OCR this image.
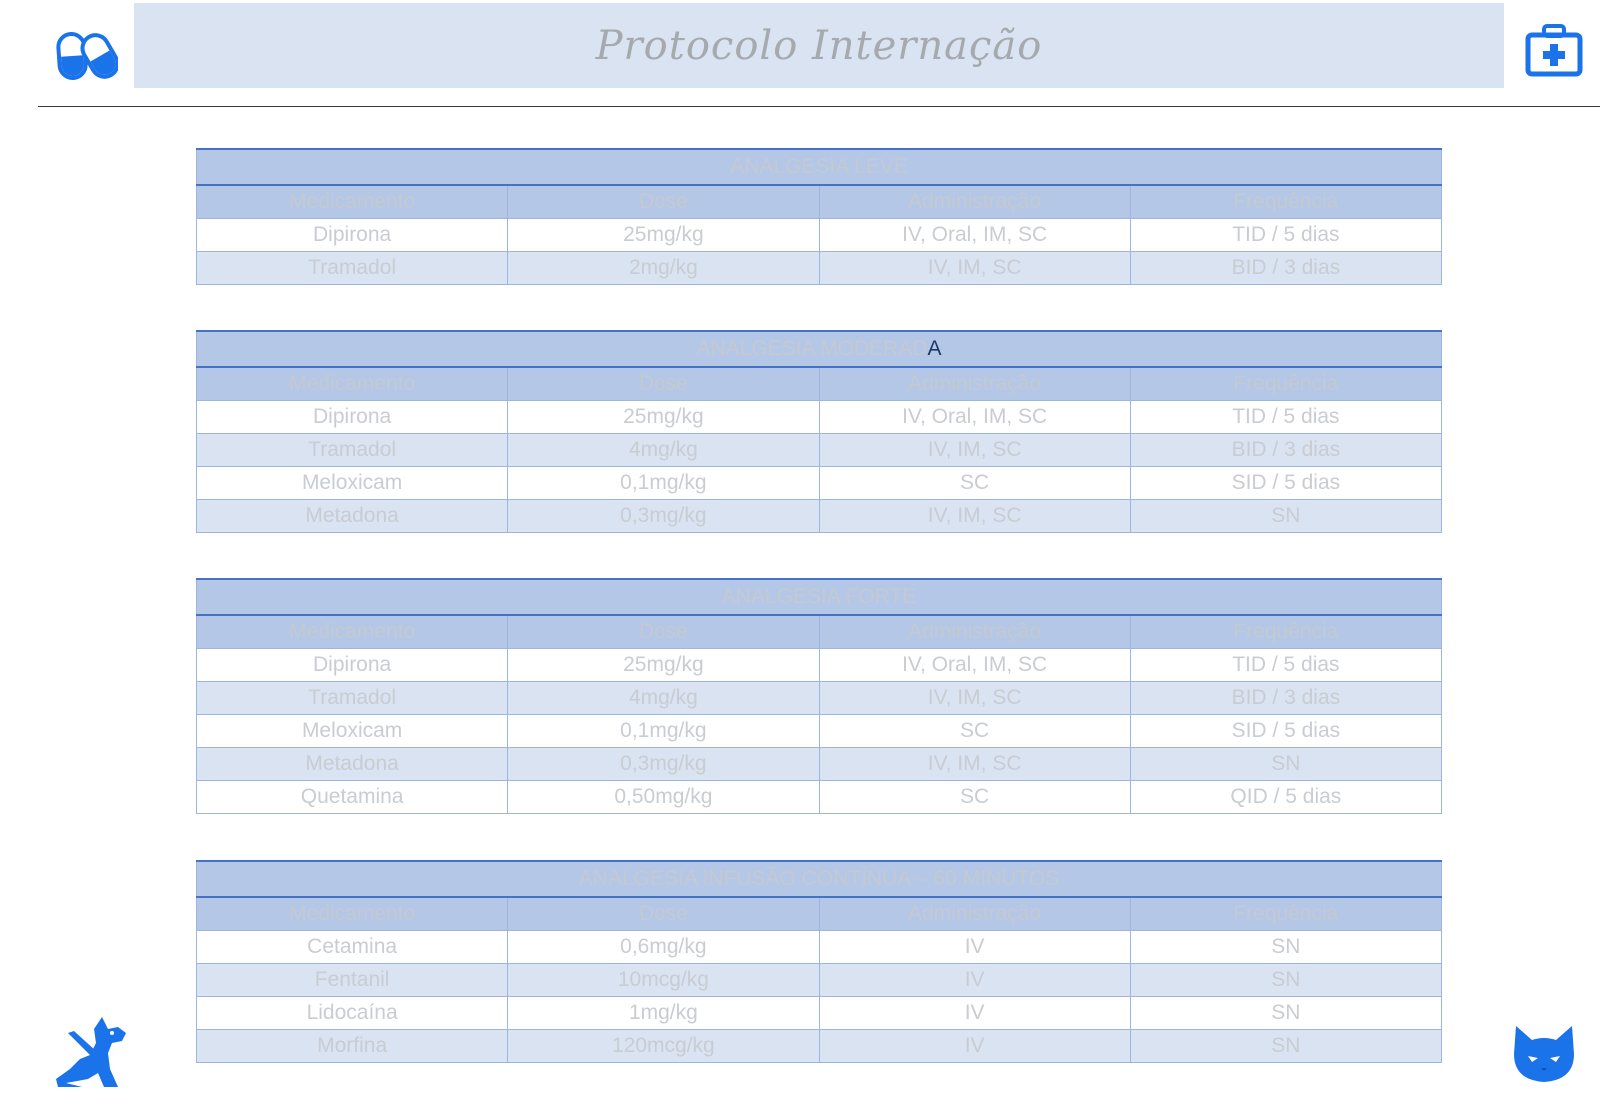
Protocolo Internação
ANALGESIA LEVE			
Medicamento	Dose	Administração	Frequência
Dipirona	25mg/kg	IV, Oral, IM, SC	TID / 5 dias
Tramadol	2mg/kg	IV, IM, SC	BID / 3 dias
ANALGESIA MODERADA			
Medicamento	Dose	Administração	Frequência
Dipirona	25mg/kg	IV, Oral, IM, SC	TID / 5 dias
Tramadol	4mg/kg	IV, IM, SC	BID / 3 dias
Meloxicam	0,1mg/kg	SC	SID / 5 dias
Metadona	0,3mg/kg	IV, IM, SC	SN
ANALGESIA FORTE			
Medicamento	Dose	Administração	Frequência
Dipirona	25mg/kg	IV, Oral, IM, SC	TID / 5 dias
Tramadol	4mg/kg	IV, IM, SC	BID / 3 dias
Meloxicam	0,1mg/kg	SC	SID / 5 dias
Metadona	0,3mg/kg	IV, IM, SC	SN
Quetamina	0,50mg/kg	SC	QID / 5 dias
ANALGESIA INFUSÃO CONTÍNUA – 60 MINUTOS			
Medicamento	Dose	Administração	Frequência
Cetamina	0,6mg/kg	IV	SN
Fentanil	10mcg/kg	IV	SN
Lidocaína	1mg/kg	IV	SN
Morfina	120mcg/kg	IV	SN
